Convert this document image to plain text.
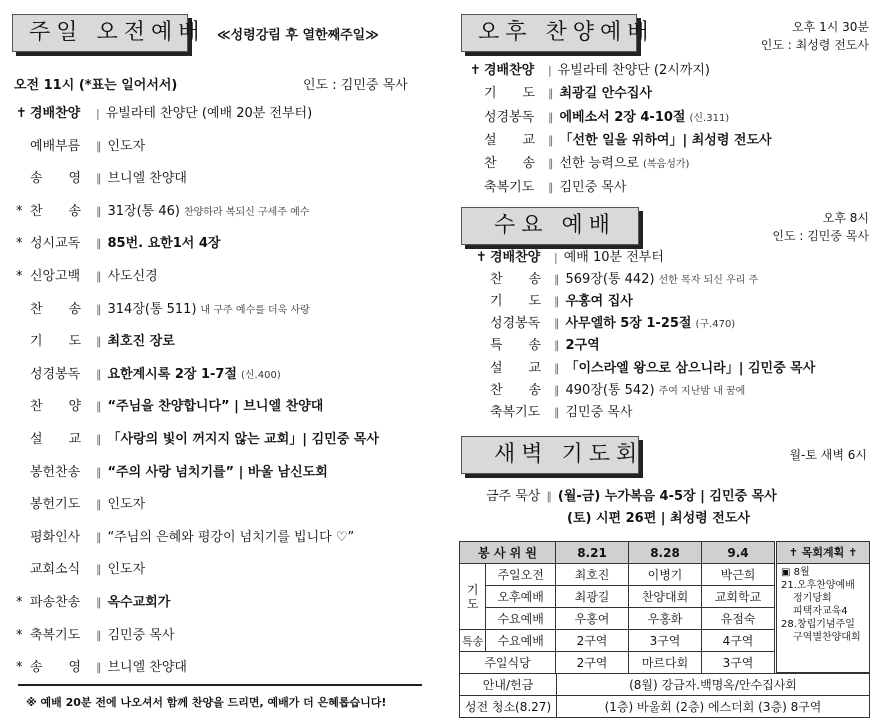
주일 오전예배 ≪성령강림 후 열한째주일≫
오전 11시 (*표는 일어서서)	인도 : 김민중 목사
✝ 경배찬양 | 유빌라테 찬양단 (예배 20분 전부터)
예배부름 ∥ 인도자
송　　영 ∥ 브니엘 찬양대
* 찬　　송 ∥ 31장(통 46) 찬양하라 복되신 구세주 예수
* 성시교독 ∥ 85번. 요한1서 4장
* 신앙고백 ∥ 사도신경
찬　　송 ∥ 314장(통 511) 내 구주 예수를 더욱 사랑
기　　도 ∥ 최호진 장로
성경봉독 ∥ 요한계시록 2장 1-7절 (신.400)
찬　　양 ∥ “주님을 찬양합니다” | 브니엘 찬양대
설　　교 ∥ 「사랑의 빛이 꺼지지 않는 교회」| 김민중 목사
봉헌찬송 ∥ “주의 사랑 넘치기를” | 바울 남신도회
봉헌기도 ∥ 인도자
평화인사 ∥ “주님의 은혜와 평강이 넘치기를 빕니다 ♡”
교회소식 ∥ 인도자
* 파송찬송 ∥ 옥수교회가
* 축복기도 ∥ 김민중 목사
* 송　　영 ∥ 브니엘 찬양대
※ 예배 20분 전에 나오셔서 함께 찬양을 드리면, 예배가 더 은혜롭습니다!
오후 찬양예배	오후 1시 30분
인도 : 최성령 전도사
✝ 경배찬양 | 유빌라테 찬양단 (2시까지)
기　　도 ∥ 최광길 안수집사
성경봉독 ∥ 에베소서 2장 4-10절 (신.311)
설　　교 ∥ 「선한 일을 위하여」| 최성령 전도사
찬　　송 ∥ 선한 능력으로 (복음성가)
축복기도 ∥ 김민중 목사
수요 예배	오후 8시
인도 : 김민중 목사
✝ 경배찬양 | 예배 10분 전부터
찬　　송 ∥ 569장(통 442) 선한 목자 되신 우리 주
기　　도 ∥ 우홍여 집사
성경봉독 ∥ 사무엘하 5장 1-25절 (구.470)
특　　송 ∥ 2구역
설　　교 ∥ 「이스라엘 왕으로 삼으니라」| 김민중 목사
찬　　송 ∥ 490장(통 542) 주여 지난밤 내 꿈에
축복기도 ∥ 김민중 목사
새벽 기도회	월-토 새벽 6시
금주 묵상 ∥ (월-금) 누가복음 4-5장 | 김민중 목사
(토) 시편 26편 | 최성령 전도사
봉 사 위 원		8.21	8.28	9.4
기도	주일오전	최호진	이병기	박근희
	오후예배	최광길	찬양대회	교회학교
	수요예배	우홍여	우홍화	유점숙
특송	수요예배	2구역	3구역	4구역
주일식당		2구역	마르다회	3구역
안내/헌금	(8월) 강금자.백명옥/안수집사회
성전 청소(8.27)	(1층) 바울회 (2층) 에스더회 (3층) 8구역
✝ 목회계획 ✝
▣ 8월
21.오후찬양예배
정기당회
피택자교육4
28.창립기념주일
구역별찬양대회
